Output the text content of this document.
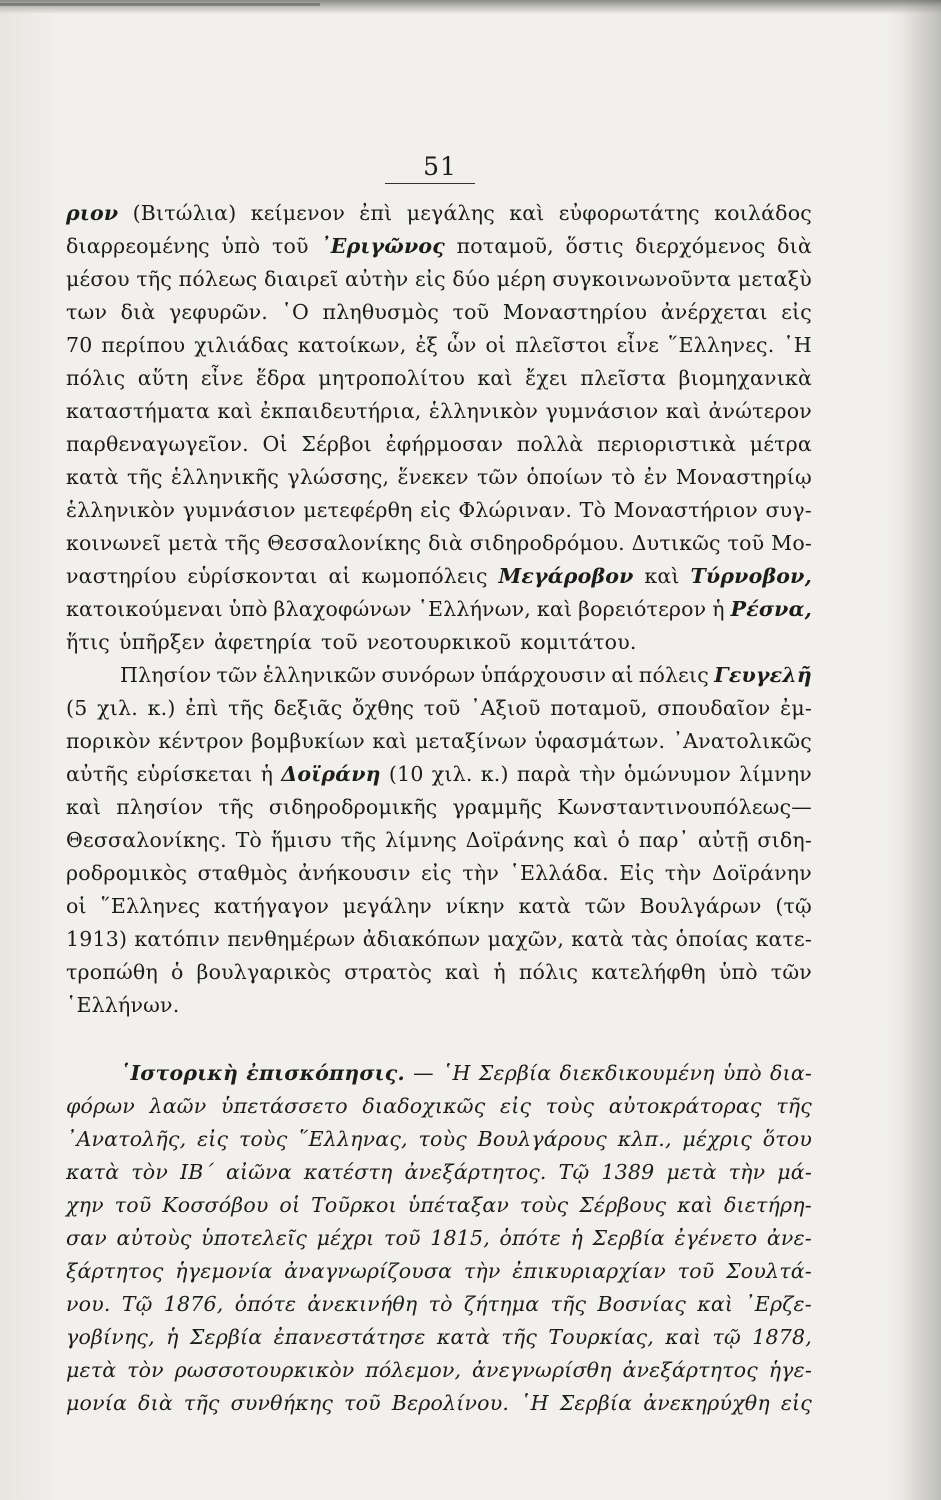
51
ριον (Βιτώλια) κείμενον ἐπὶ μεγάλης καὶ εὐφορωτάτης κοιλάδος
διαρρεομένης ὑπὸ τοῦ ᾿Εριγῶνος ποταμοῦ, ὅστις διερχόμενος διὰ
μέσου τῆς πόλεως διαιρεῖ αὐτὴν εἰς δύο μέρη συγκοινωνοῦντα μεταξὺ
των διὰ γεφυρῶν. ῾Ο πληθυσμὸς τοῦ Μοναστηρίου ἀνέρχεται εἰς
70 περίπου χιλιάδας κατοίκων, ἐξ ὧν οἱ πλεῖστοι εἶνε ῞Ελληνες. ῾Η
πόλις αὕτη εἶνε ἕδρα μητροπολίτου καὶ ἔχει πλεῖστα βιομηχανικὰ
καταστήματα καὶ ἐκπαιδευτήρια, ἑλληνικὸν γυμνάσιον καὶ ἀνώτερον
παρθεναγωγεῖον. Οἱ Σέρβοι ἐφήρμοσαν πολλὰ περιοριστικὰ μέτρα
κατὰ τῆς ἑλληνικῆς γλώσσης, ἕνεκεν τῶν ὁποίων τὸ ἐν Μοναστηρίῳ
ἑλληνικὸν γυμνάσιον μετεφέρθη εἰς Φλώριναν. Τὸ Μοναστήριον συγ-
κοινωνεῖ μετὰ τῆς Θεσσαλονίκης διὰ σιδηροδρόμου. Δυτικῶς τοῦ Μο-
ναστηρίου εὑρίσκονται αἱ κωμοπόλεις Μεγάροβον καὶ Τύρνοβον,
κατοικούμεναι ὑπὸ βλαχοφώνων ῾Ελλήνων, καὶ βορειότερον ἡ Ρέσνα,
ἥτις ὑπῆρξεν ἀφετηρία τοῦ νεοτουρκικοῦ κομιτάτου.
Πλησίον τῶν ἑλληνικῶν συνόρων ὑπάρχουσιν αἱ πόλεις Γευγελῆ
(5 χιλ. κ.) ἐπὶ τῆς δεξιᾶς ὄχθης τοῦ ᾿Αξιοῦ ποταμοῦ, σπουδαῖον ἐμ-
πορικὸν κέντρον βομβυκίων καὶ μεταξίνων ὑφασμάτων. ᾿Ανατολικῶς
αὐτῆς εὑρίσκεται ἡ Δοϊράνη (10 χιλ. κ.) παρὰ τὴν ὁμώνυμον λίμνην
καὶ πλησίον τῆς σιδηροδρομικῆς γραμμῆς Κωνσταντινουπόλεως—
Θεσσαλονίκης. Τὸ ἥμισυ τῆς λίμνης Δοϊράνης καὶ ὁ παρ᾿ αὐτῇ σιδη-
ροδρομικὸς σταθμὸς ἀνήκουσιν εἰς τὴν ῾Ελλάδα. Εἰς τὴν Δοϊράνην
οἱ ῞Ελληνες κατήγαγον μεγάλην νίκην κατὰ τῶν Βουλγάρων (τῷ
1913) κατόπιν πενθημέρων ἀδιακόπων μαχῶν, κατὰ τὰς ὁποίας κατε-
τροπώθη ὁ βουλγαρικὸς στρατὸς καὶ ἡ πόλις κατελήφθη ὑπὸ τῶν
῾Ελλήνων.
῾Ιστορικὴ ἐπισκόπησις. — ῾Η Σερβία διεκδικουμένη ὑπὸ δια-
φόρων λαῶν ὑπετάσσετο διαδοχικῶς εἰς τοὺς αὐτοκράτορας τῆς
᾿Ανατολῆς, εἰς τοὺς ῞Ελληνας, τοὺς Βουλγάρους κλπ., μέχρις ὅτου
κατὰ τὸν ΙΒ´ αἰῶνα κατέστη ἀνεξάρτητος. Τῷ 1389 μετὰ τὴν μά-
χην τοῦ Κοσσόβου οἱ Τοῦρκοι ὑπέταξαν τοὺς Σέρβους καὶ διετήρη-
σαν αὐτοὺς ὑποτελεῖς μέχρι τοῦ 1815, ὁπότε ἡ Σερβία ἐγένετο ἀνε-
ξάρτητος ἡγεμονία ἀναγνωρίζουσα τὴν ἐπικυριαρχίαν τοῦ Σουλτά-
νου. Τῷ 1876, ὁπότε ἀνεκινήθη τὸ ζήτημα τῆς Βοσνίας καὶ ᾿Ερζε-
γοβίνης, ἡ Σερβία ἐπανεστάτησε κατὰ τῆς Τουρκίας, καὶ τῷ 1878,
μετὰ τὸν ρωσσοτουρκικὸν πόλεμον, ἀνεγνωρίσθη ἀνεξάρτητος ἡγε-
μονία διὰ τῆς συνθήκης τοῦ Βερολίνου. ῾Η Σερβία ἀνεκηρύχθη εἰς
